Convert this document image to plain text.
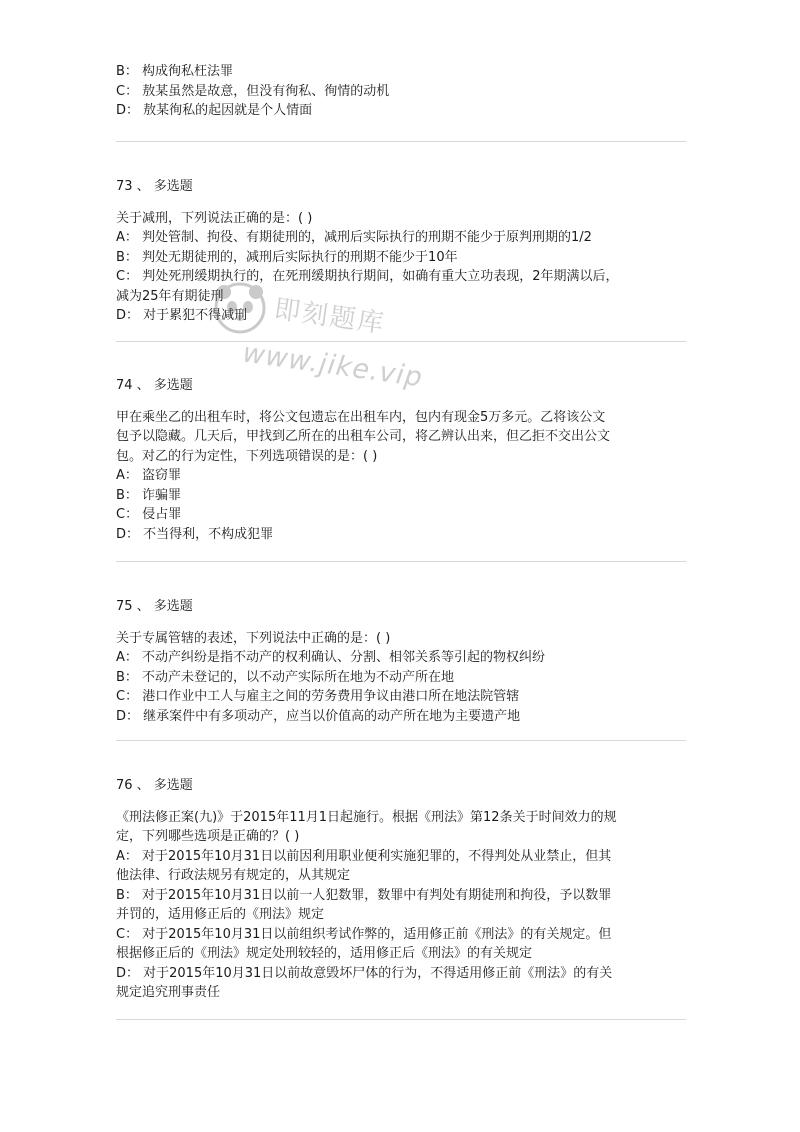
B： 构成徇私枉法罪
C： 敖某虽然是故意，但没有徇私、徇情的动机
D： 敖某徇私的起因就是个人情面
73 、 多选题
关于减刑，下列说法正确的是：( )
A： 判处管制、拘役、有期徒刑的，减刑后实际执行的刑期不能少于原判刑期的1/2
B： 判处无期徒刑的，减刑后实际执行的刑期不能少于10年
C： 判处死刑缓期执行的，在死刑缓期执行期间，如确有重大立功表现，2年期满以后，
减为25年有期徒刑
D： 对于累犯不得减刑
74 、 多选题
甲在乘坐乙的出租车时，将公文包遗忘在出租车内，包内有现金5万多元。乙将该公文
包予以隐藏。几天后，甲找到乙所在的出租车公司，将乙辨认出来，但乙拒不交出公文
包。对乙的行为定性，下列选项错误的是：( )
A： 盗窃罪
B： 诈骗罪
C： 侵占罪
D： 不当得利，不构成犯罪
75 、 多选题
关于专属管辖的表述，下列说法中正确的是：( )
A： 不动产纠纷是指不动产的权利确认、分割、相邻关系等引起的物权纠纷
B： 不动产未登记的，以不动产实际所在地为不动产所在地
C： 港口作业中工人与雇主之间的劳务费用争议由港口所在地法院管辖
D： 继承案件中有多项动产，应当以价值高的动产所在地为主要遗产地
76 、 多选题
《刑法修正案(九)》于2015年11月1日起施行。根据《刑法》第12条关于时间效力的规
定，下列哪些选项是正确的？( )
A： 对于2015年10月31日以前因利用职业便利实施犯罪的，不得判处从业禁止，但其
他法律、行政法规另有规定的，从其规定
B： 对于2015年10月31日以前一人犯数罪，数罪中有判处有期徒刑和拘役，予以数罪
并罚的，适用修正后的《刑法》规定
C： 对于2015年10月31日以前组织考试作弊的，适用修正前《刑法》的有关规定。但
根据修正后的《刑法》规定处刑较轻的，适用修正后《刑法》的有关规定
D： 对于2015年10月31日以前故意毁坏尸体的行为，不得适用修正前《刑法》的有关
规定追究刑事责任
即刻题库
www.jike.vip
